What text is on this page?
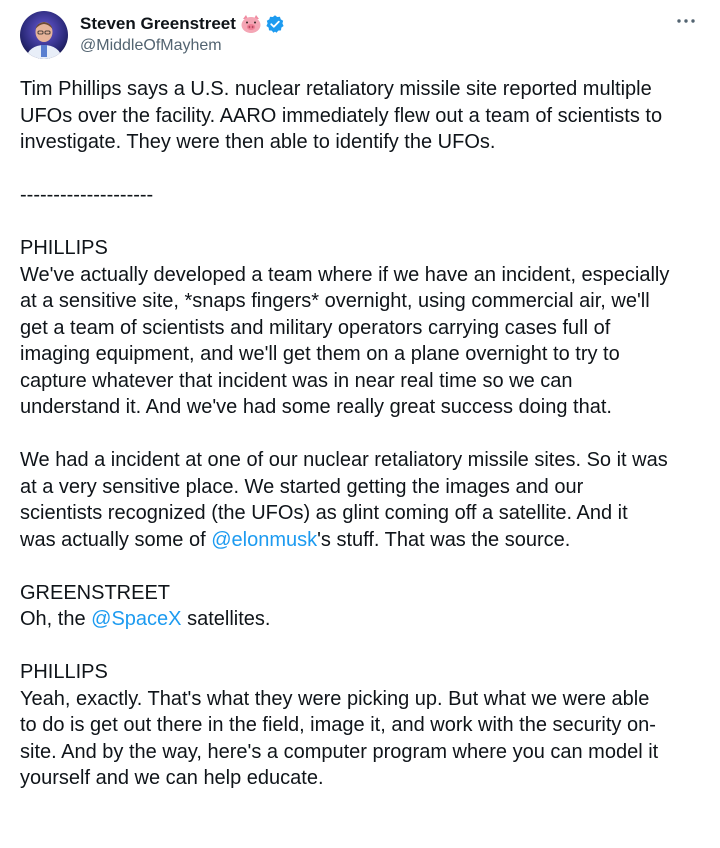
Steven Greenstreet
@MiddleOfMayhem
Tim Phillips says a U.S. nuclear retaliatory missile site reported multiple
UFOs over the facility. AARO immediately flew out a team of scientists to
investigate. They were then able to identify the UFOs.
--------------------
PHILLIPS
We've actually developed a team where if we have an incident, especially
at a sensitive site, *snaps fingers* overnight, using commercial air, we'll
get a team of scientists and military operators carrying cases full of
imaging equipment, and we'll get them on a plane overnight to try to
capture whatever that incident was in near real time so we can
understand it. And we've had some really great success doing that.
We had a incident at one of our nuclear retaliatory missile sites. So it was
at a very sensitive place. We started getting the images and our
scientists recognized (the UFOs) as glint coming off a satellite. And it
was actually some of @elonmusk's stuff. That was the source.
GREENSTREET
Oh, the @SpaceX satellites.
PHILLIPS
Yeah, exactly. That's what they were picking up. But what we were able
to do is get out there in the field, image it, and work with the security on-
site. And by the way, here's a computer program where you can model it
yourself and we can help educate.
